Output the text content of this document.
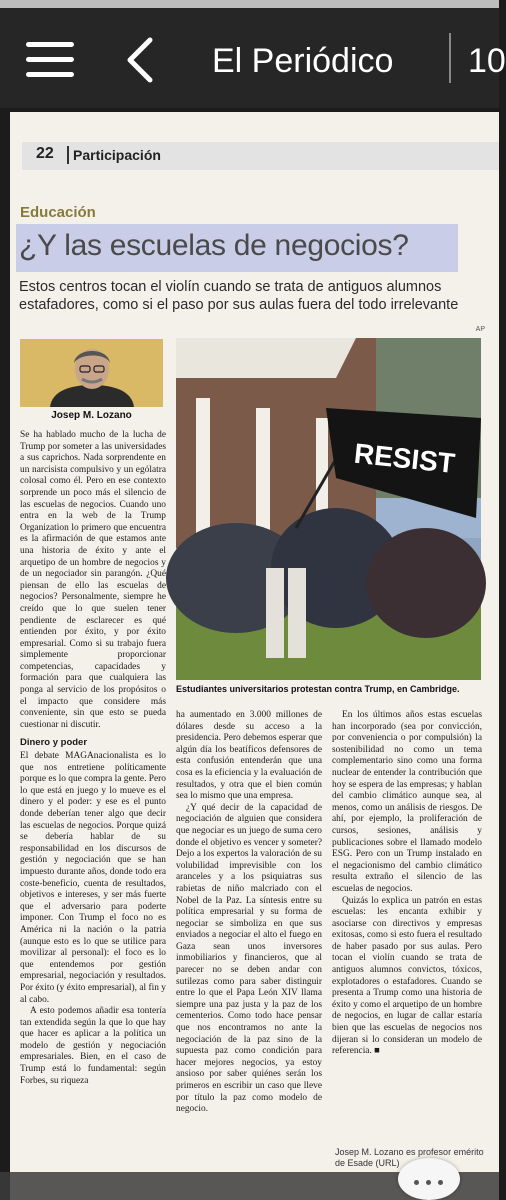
El Periódico 10
22	Participación
Educación
¿Y las escuelas de negocios?
Estos centros tocan el violín cuando se trata de antiguos alumnos estafadores, como si el paso por sus aulas fuera del todo irrelevante
AP
Josep M. Lozano
RESIST
Estudiantes universitarios protestan contra Trump, en Cambridge.

Se ha hablado mucho de la lucha de Trump por someter a las universidades a sus caprichos. Nada sorprendente en un narcisista compulsivo y un ególatra colosal como él. Pero en ese contexto sorprende un poco más el silencio de las escuelas de negocios. Cuando uno entra en la web de la Trump Organization lo primero que encuentra es la afirmación de que estamos ante una historia de éxito y ante el arquetipo de un hombre de negocios y de un negociador sin parangón. ¿Qué piensan de ello las escuelas de negocios? Personalmente, siempre he creído que lo que suelen tener pendiente de esclarecer es qué entienden por éxito, y por éxito empresarial. Como si su trabajo fuera simplemente proporcionar competencias, capacidades y formación para que cualquiera las ponga al servicio de los propósitos o el impacto que considere más conveniente, sin que esto se pueda cuestionar ni discutir.

Dinero y poder

El debate MAGAnacionalista es lo que nos entretiene políticamente porque es lo que compra la gente. Pero lo que está en juego y lo mueve es el dinero y el poder: y ese es el punto donde deberían tener algo que decir las escuelas de negocios. Porque quizá se debería hablar de su responsabilidad en los discursos de gestión y negociación que se han impuesto durante años, donde todo era coste-beneficio, cuenta de resultados, objetivos e intereses, y ser más fuerte que el adversario para poderte imponer. Con Trump el foco no es América ni la nación o la patria (aunque esto es lo que se utilice para movilizar al personal): el foco es lo que entendemos por gestión empresarial, negociación y resultados. Por éxito (y éxito empresarial), al fin y al cabo.

A esto podemos añadir esa tontería tan extendida según la que lo que hay que hacer es aplicar a la política un modelo de gestión y negociación empresariales. Bien, en el caso de Trump está lo fundamental: según Forbes, su riqueza

ha aumentado en 3.000 millones de dólares desde su acceso a la presidencia. Pero debemos esperar que algún día los beatíficos defensores de esta confusión entenderán que una cosa es la eficiencia y la evaluación de resultados, y otra que el bien común sea lo mismo que una empresa.

¿Y qué decir de la capacidad de negociación de alguien que considera que negociar es un juego de suma cero donde el objetivo es vencer y someter? Dejo a los expertos la valoración de su volubilidad imprevisible con los aranceles y a los psiquiatras sus rabietas de niño malcriado con el Nobel de la Paz. La síntesis entre su política empresarial y su forma de negociar se simboliza en que sus enviados a negociar el alto el fuego en Gaza sean unos inversores inmobiliarios y financieros, que al parecer no se deben andar con sutilezas como para saber distinguir entre lo que el Papa León XIV llama siempre una paz justa y la paz de los cementerios. Como todo hace pensar que nos encontramos no ante la negociación de la paz sino de la supuesta paz como condición para hacer mejores negocios, ya estoy ansioso por saber quiénes serán los primeros en escribir un caso que lleve por título la paz como modelo de negocio.

En los últimos años estas escuelas han incorporado (sea por convicción, por conveniencia o por compulsión) la sostenibilidad no como un tema complementario sino como una forma nuclear de entender la contribución que hoy se espera de las empresas; y hablan del cambio climático aunque sea, al menos, como un análisis de riesgos. De ahí, por ejemplo, la proliferación de cursos, sesiones, análisis y publicaciones sobre el llamado modelo ESG. Pero con un Trump instalado en el negacionismo del cambio climático resulta extraño el silencio de las escuelas de negocios.

Quizás lo explica un patrón en estas escuelas: les encanta exhibir y asociarse con directivos y empresas exitosas, como si esto fuera el resultado de haber pasado por sus aulas. Pero tocan el violín cuando se trata de antiguos alumnos convictos, tóxicos, explotadores o estafadores. Cuando se presenta a Trump como una historia de éxito y como el arquetipo de un hombre de negocios, en lugar de callar estaría bien que las escuelas de negocios nos dijeran si lo consideran un modelo de referencia. ■

Josep M. Lozano es profesor emérito de Esade (URL)
